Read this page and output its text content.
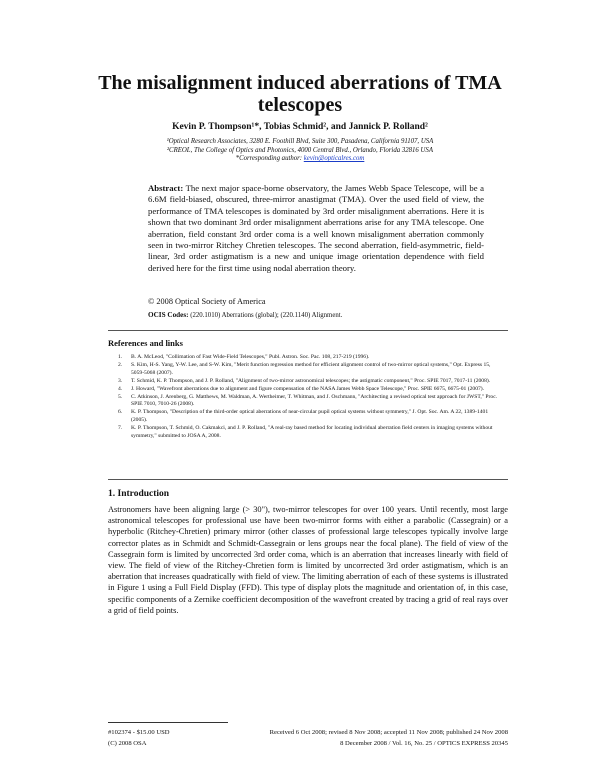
The misalignment induced aberrations of TMA telescopes
Kevin P. Thompson¹*, Tobias Schmid², and Jannick P. Rolland²
¹Optical Research Associates, 3280 E. Foothill Blvd, Suite 300, Pasadena, California 91107, USA
²CREOL, The College of Optics and Photonics, 4000 Central Blvd., Orlando, Florida 32816 USA
*Corresponding author: kevin@opticalres.com
Abstract: The next major space-borne observatory, the James Webb Space Telescope, will be a 6.6M field-biased, obscured, three-mirror anastigmat (TMA). Over the used field of view, the performance of TMA telescopes is dominated by 3rd order misalignment aberrations. Here it is shown that two dominant 3rd order misalignment aberrations arise for any TMA telescope. One aberration, field constant 3rd order coma is a well known misalignment aberration commonly seen in two-mirror Ritchey Chretien telescopes. The second aberration, field-asymmetric, field-linear, 3rd order astigmatism is a new and unique image orientation dependence with field derived here for the first time using nodal aberration theory.
© 2008 Optical Society of America
OCIS Codes: (220.1010) Aberrations (global); (220.1140) Alignment.
References and links
1.	B. A. McLeod, "Collimation of Fast Wide-Field Telescopes," Publ. Astron. Soc. Pac. 108, 217-219 (1996).
2.	S. Kim, H-S. Yang, Y-W. Lee, and S-W. Kim, "Merit function regression method for efficient alignment control of two-mirror optical systems," Opt. Express 15, 5059-5068 (2007).
3.	T. Schmid, K. P. Thompson, and J. P. Rolland, "Alignment of two-mirror astronomical telescopes; the astigmatic component," Proc. SPIE 7017, 7017-11 (2008).
4.	J. Howard, "Wavefront aberrations due to alignment and figure compensation of the NASA James Webb Space Telescope," Proc. SPIE 6675, 6675-01 (2007).
5.	C. Atkinson, J. Arenberg, G. Matthews, M. Waldman, A. Wertheimer, T. Whitman, and J. Oschmann, "Architecting a revised optical test approach for JWST," Proc. SPIE 7010, 7010-26 (2008).
6.	K. P. Thompson, "Description of the third-order optical aberrations of near-circular pupil optical systems without symmetry," J. Opt. Soc. Am. A 22, 1389-1401 (2005).
7.	K. P. Thompson, T. Schmid, O. Cakmakci, and J. P. Rolland, "A real-ray based method for locating individual aberration field centers in imaging systems without symmetry," submitted to JOSA A, 2008.
1. Introduction
Astronomers have been aligning large (> 30"), two-mirror telescopes for over 100 years. Until recently, most large astronomical telescopes for professional use have been two-mirror forms with either a parabolic (Cassegrain) or a hyperbolic (Ritchey-Chretien) primary mirror (other classes of professional large telescopes typically involve large corrector plates as in Schmidt and Schmidt-Cassegrain or lens groups near the focal plane). The field of view of the Cassegrain form is limited by uncorrected 3rd order coma, which is an aberration that increases linearly with field of view. The field of view of the Ritchey-Chretien form is limited by uncorrected 3rd order astigmatism, which is an aberration that increases quadratically with field of view. The limiting aberration of each of these systems is illustrated in Figure 1 using a Full Field Display (FFD). This type of display plots the magnitude and orientation of, in this case, specific components of a Zernike coefficient decomposition of the wavefront created by tracing a grid of real rays over a grid of field points.
#102374 - $15.00 USD	Received 6 Oct 2008; revised 8 Nov 2008; accepted 11 Nov 2008; published 24 Nov 2008
(C) 2008 OSA	8 December 2008 / Vol. 16, No. 25 / OPTICS EXPRESS 20345
